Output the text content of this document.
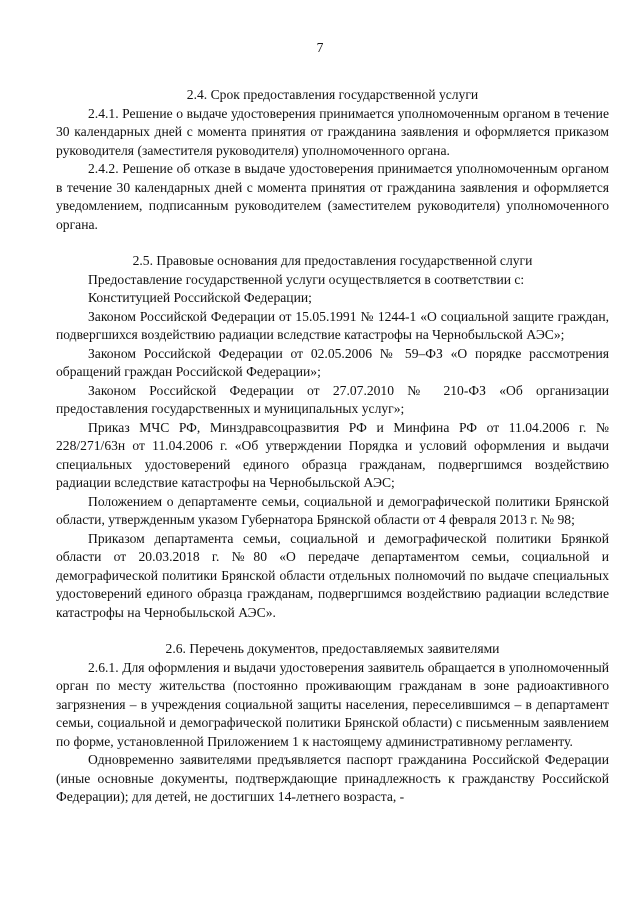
7

2.4. Срок предоставления государственной услуги

2.4.1. Решение о выдаче удостоверения принимается уполномоченным органом в течение 30 календарных дней с момента принятия от гражданина заявления и оформляется приказом руководителя (заместителя руководителя) уполномоченного органа.

2.4.2. Решение об отказе в выдаче удостоверения принимается уполномоченным органом в течение 30 календарных дней с момента принятия от гражданина заявления и оформляется уведомлением, подписанным руководителем (заместителем руководителя) уполномоченного органа.

2.5. Правовые основания для предоставления государственной слуги

Предоставление государственной услуги осуществляется в соответствии с:

Конституцией Российской Федерации;

Законом Российской Федерации от 15.05.1991 № 1244-1 «О социальной защите граждан, подвергшихся воздействию радиации вследствие катастрофы на Чернобыльской АЭС»;

Законом Российской Федерации от 02.05.2006 № 59–ФЗ «О порядке рассмотрения обращений граждан Российской Федерации»;

Законом Российской Федерации от 27.07.2010 № 210-ФЗ «Об организации предоставления государственных и муниципальных услуг»;

Приказ МЧС РФ, Минздравсоцразвития РФ и Минфина РФ от 11.04.2006 г. № 228/271/63н от 11.04.2006 г. «Об утверждении Порядка и условий оформления и выдачи специальных удостоверений единого образца гражданам, подвергшимся воздействию радиации вследствие катастрофы на Чернобыльской АЭС;

Положением о департаменте семьи, социальной и демографической политики Брянской области, утвержденным указом Губернатора Брянской области от 4 февраля 2013 г. № 98;

Приказом департамента семьи, социальной и демографической политики Брянкой области от 20.03.2018 г. №80 «О передаче департаментом семьи, социальной и демографической политики Брянской области отдельных полномочий по выдаче специальных удостоверений единого образца гражданам, подвергшимся воздействию радиации вследствие катастрофы на Чернобыльской АЭС».

2.6. Перечень документов, предоставляемых заявителями

2.6.1. Для оформления и выдачи удостоверения заявитель обращается в уполномоченный орган по месту жительства (постоянно проживающим гражданам в зоне радиоактивного загрязнения – в учреждения социальной защиты населения, переселившимся – в департамент семьи, социальной и демографической политики Брянской области) с письменным заявлением по форме, установленной Приложением 1 к настоящему административному регламенту.

Одновременно заявителями предъявляется паспорт гражданина Российской Федерации (иные основные документы, подтверждающие принадлежность к гражданству Российской Федерации); для детей, не достигших 14-летнего возраста, -
